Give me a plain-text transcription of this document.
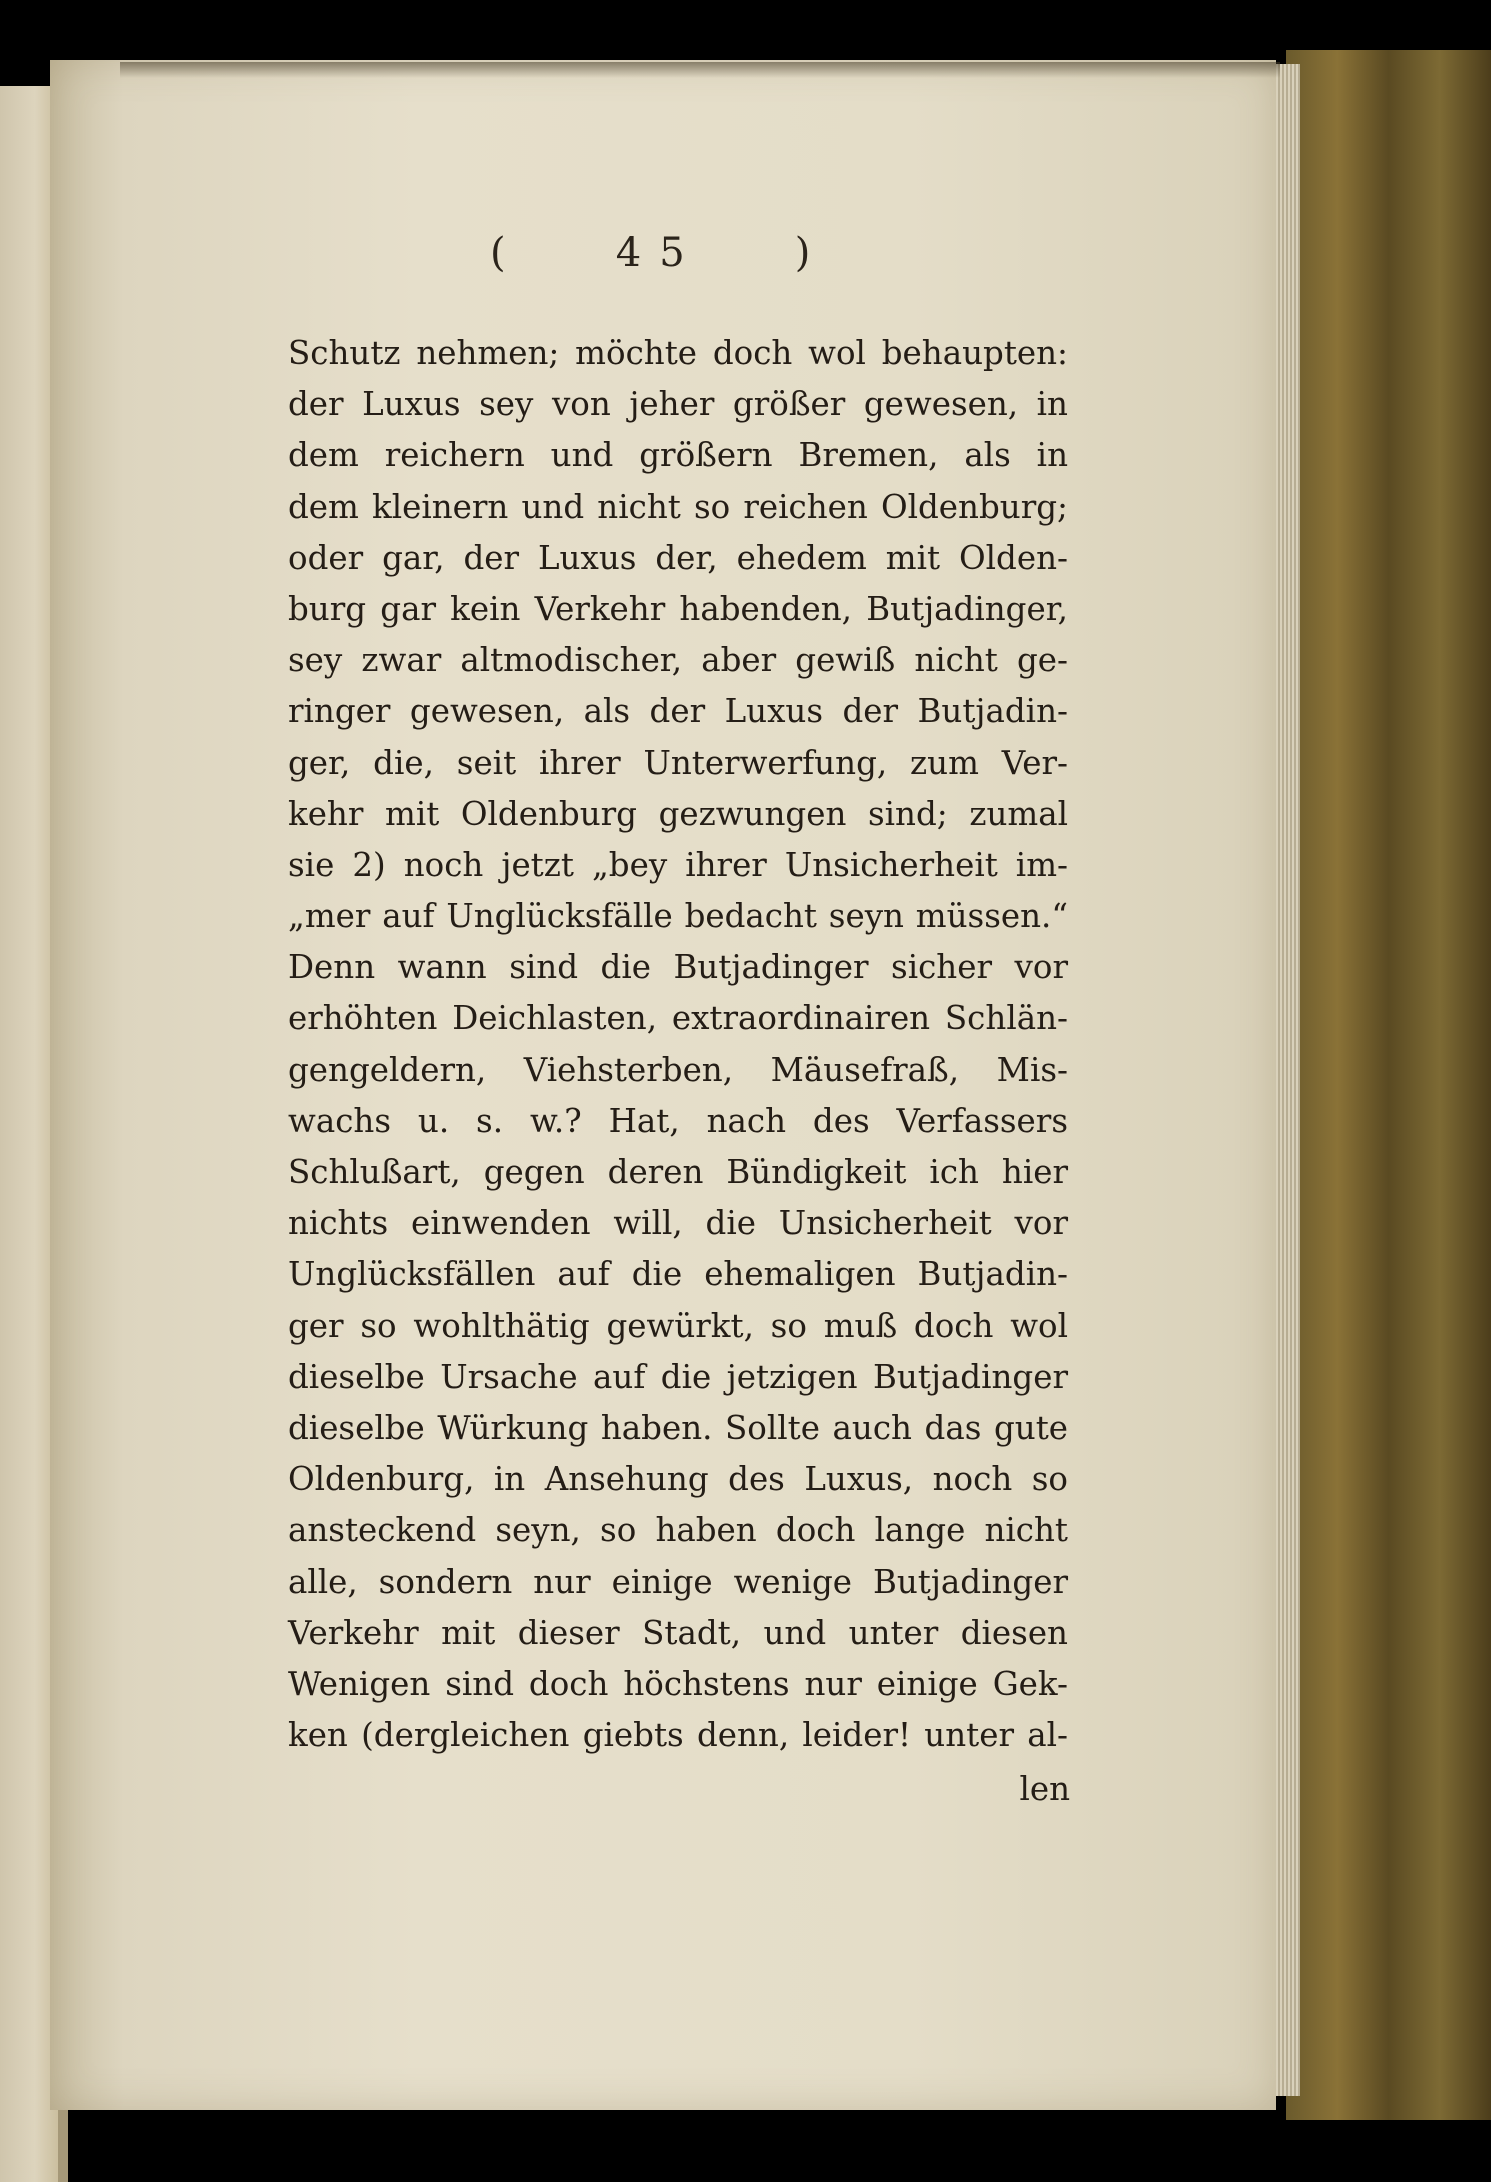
(   45   )
Schutz nehmen; möchte doch wol behaupten:
der Luxus sey von jeher größer gewesen, in
dem reichern und größern Bremen, als in
dem kleinern und nicht so reichen Oldenburg;
oder gar, der Luxus der, ehedem mit Olden-
burg gar kein Verkehr habenden, Butjadinger,
sey zwar altmodischer, aber gewiß nicht ge-
ringer gewesen, als der Luxus der Butjadin-
ger, die, seit ihrer Unterwerfung, zum Ver-
kehr mit Oldenburg gezwungen sind; zumal
sie 2) noch jetzt „bey ihrer Unsicherheit im-
„mer auf Unglücksfälle bedacht seyn müssen.“
Denn wann sind die Butjadinger sicher vor
erhöhten Deichlasten, extraordinairen Schlän-
gengeldern, Viehsterben, Mäusefraß, Mis-
wachs u. s. w.? Hat, nach des Verfassers
Schlußart, gegen deren Bündigkeit ich hier
nichts einwenden will, die Unsicherheit vor
Unglücksfällen auf die ehemaligen Butjadin-
ger so wohlthätig gewürkt, so muß doch wol
dieselbe Ursache auf die jetzigen Butjadinger
dieselbe Würkung haben. Sollte auch das gute
Oldenburg, in Ansehung des Luxus, noch so
ansteckend seyn, so haben doch lange nicht
alle, sondern nur einige wenige Butjadinger
Verkehr mit dieser Stadt, und unter diesen
Wenigen sind doch höchstens nur einige Gek-
ken (dergleichen giebts denn, leider! unter al-
len
